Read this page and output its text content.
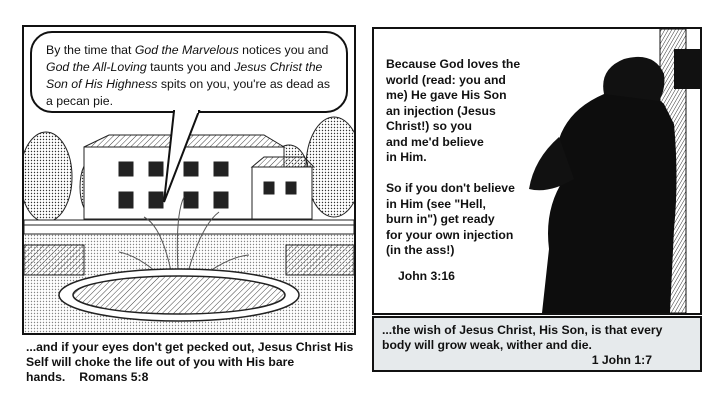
By the time that God the Marvelous notices you and God the All-Loving taunts you and Jesus Christ the Son of His Highness spits on you, you're as dead as a pecan pie.
...and if your eyes don't get pecked out, Jesus Christ His Self will choke the life out of you with His bare hands. Romans 5:8
Because God loves the
world (read: you and
me) He gave His Son
an injection (Jesus
Christ!) so you
and me'd believe
in Him.
So if you don't believe
in Him (see "Hell,
burn in") get ready
for your own injection
(in the ass!)
John 3:16
...the wish of Jesus Christ, His Son, is that every body will grow weak, wither and die.
1 John 1:7
